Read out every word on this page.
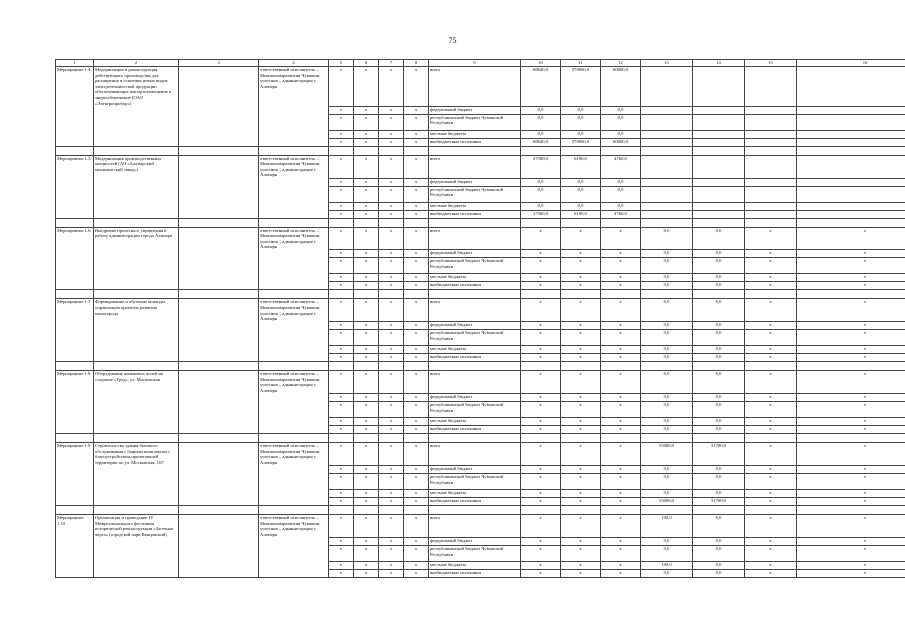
75
1	2	3	4	5	6	7	8	9	10	11	12	13	14	15	16
Мероприятие 1.4	Модернизация и реконструкция действующего производства для расширения и освоения новых видов электротехнической продукции обеспечивающих импортозамещение и энергосбережение (ОАО «Электроприбор»)		ответственный исполнитель – Минэкономразвития Чувашии, участник – администрация г. Алатыря	х	х	х	х	всего	68640,0	578060,0	60060,0				
				х	х	х	х	федеральный бюджет	0,0	0,0	0,0				
				х	х	х	х	республиканский бюджет Чувашской Республики	0,0	0,0	0,0				
				х	х	х	х	местные бюджеты	0,0	0,0	0,0				
				х	х	х	х	внебюджетные источники	68640,0	578060,0	60060,0				

Мероприятие 1.5	Модернизация производственных мощностей (АО «Алатырский механический завод»)		ответственный исполнитель – Минэкономразвития Чувашии, участник – администрация г. Алатыря	х	х	х	х	всего	27500,0	6190,0	4760,0				
				х	х	х	х	федеральный бюджет	0,0	0,0	0,0				
				х	х	х	х	республиканский бюджет Чувашской Республики	0,0	0,0	0,0				
				х	х	х	х	местные бюджеты	0,0	0,0	0,0				
				х	х	х	х	внебюджетные источники	27500,0	6190,0	4760,0				

Мероприятие 1.6	Внедрение проектного управления в работу администрации города Алатыря		ответственный исполнитель – Минэкономразвития Чувашии, участник – администрация г. Алатыря	х	х	х	х	всего	х	х	х	0,0	0,0	х	х
				х	х	х	х	федеральный бюджет	х	х	х	0,0	0,0	х	х
				х	х	х	х	республиканский бюджет Чувашской Республики	х	х	х	0,0	0,0	х	х
				х	х	х	х	местные бюджеты	х	х	х	0,0	0,0	х	х
				х	х	х	х	внебюджетные источники	х	х	х	0,0	0,0	х	х

Мероприятие 1.7	Формирование и обучение команды управленцев проектов развития моногорода		ответственный исполнитель – Минэкономразвития Чувашии, участник – администрация г. Алатыря	х	х	х	х	всего	х	х	х	0,0	0,0	х	х
				х	х	х	х	федеральный бюджет	х	х	х	0,0	0,0	х	х
				х	х	х	х	республиканский бюджет Чувашской Республики	х	х	х	0,0	0,0	х	х
				х	х	х	х	местные бюджеты	х	х	х	0,0	0,0	х	х
				х	х	х	х	внебюджетные источники	х	х	х	0,0	0,0	х	х

Мероприятие 1.8	Оборудование коньковых полей на стадионе «Труд», ул. Московская		ответственный исполнитель – Минэкономразвития Чувашии, участник – администрация г. Алатыря	х	х	х	х	всего	х	х	х	0,0	0,0	х	х
				х	х	х	х	федеральный бюджет	х	х	х	0,0	0,0	х	х
				х	х	х	х	республиканский бюджет Чувашской Республики	х	х	х	0,0	0,0	х	х
				х	х	х	х	местные бюджеты	х	х	х	0,0	0,0	х	х
				х	х	х	х	внебюджетные источники	х	х	х	0,0	0,0	х	х

Мероприятие 1.9	Строительство здания бытового обслуживания с банным комплексом с благоустройством прилегающей территории по ул. Московская, 107		ответственный исполнитель – Минэкономразвития Чувашии, участник – администрация г. Алатыря	х	х	х	х	всего	х	х	х	55000,0	31700,0	х	х
				х	х	х	х	федеральный бюджет	х	х	х	0,0	0,0	х	х
				х	х	х	х	республиканский бюджет Чувашской Республики	х	х	х	0,0	0,0	х	х
				х	х	х	х	местные бюджеты	х	х	х	0,0	0,0	х	х
				х	х	х	х	внебюджетные источники	х	х	х	55000,0	31700,0	х	х

Мероприятие 1.10	Организация и проведение IV Межрегионального фестиваля исторической реконструкции «Засечная черта» (городской парк Венцовский)		ответственный исполнитель – Минэкономразвития Чувашии, участник – администрация г. Алатыря	х	х	х	х	всего	х	х	х	100,0	0,0	х	х
				х	х	х	х	федеральный бюджет	х	х	х	0,0	0,0	х	х
				х	х	х	х	республиканский бюджет Чувашской Республики	х	х	х	0,0	0,0	х	х
				х	х	х	х	местные бюджеты	х	х	х	100,0	0,0	х	х
				х	х	х	х	внебюджетные источники	х	х	х	0,0	0,0	х	х
